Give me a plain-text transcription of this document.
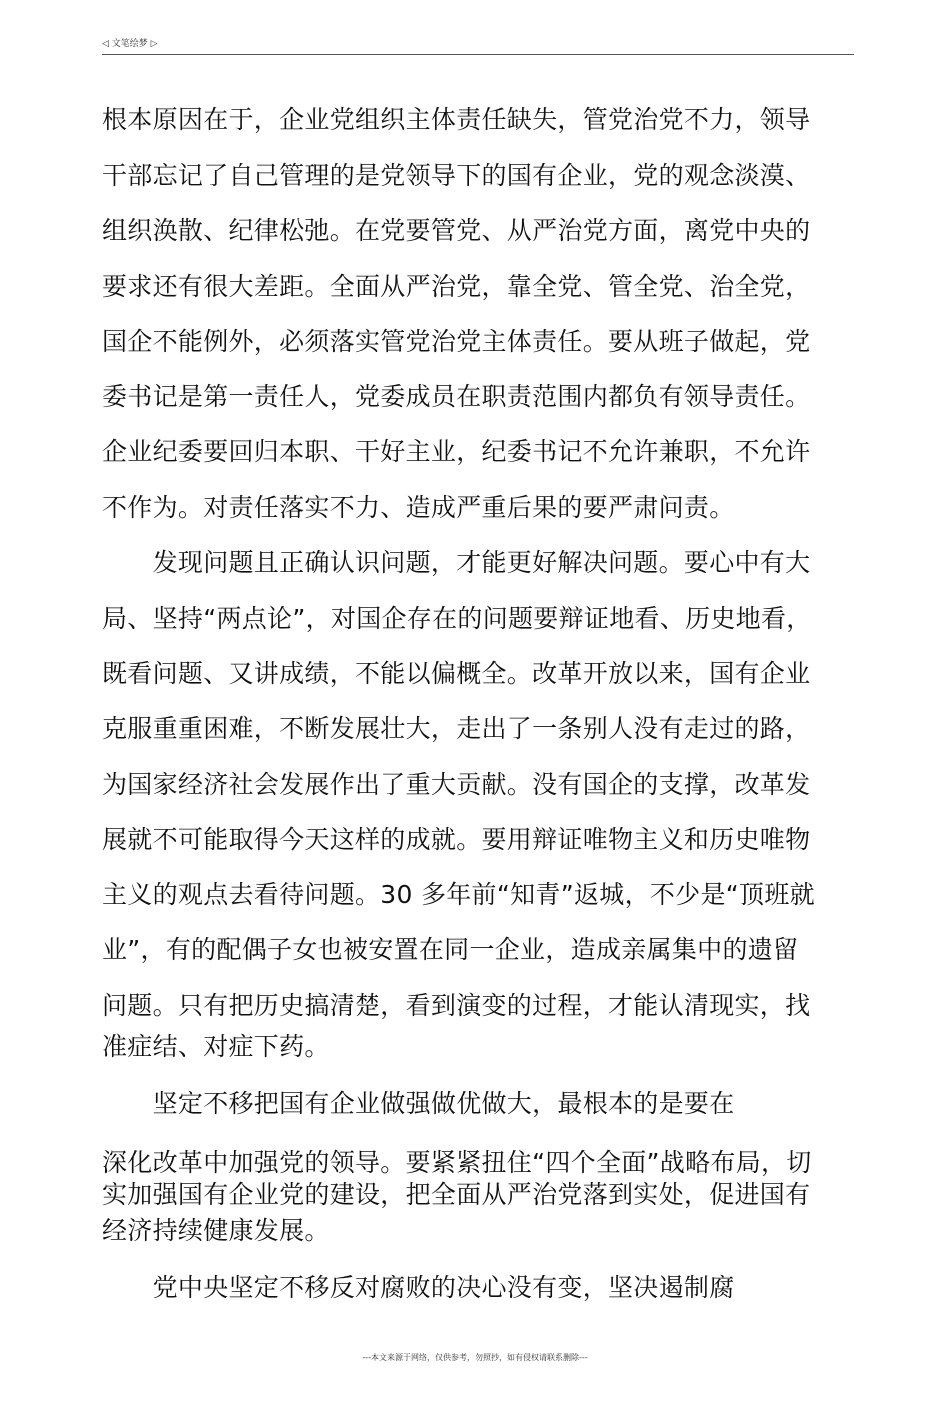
◁ 文笔绘梦 ▷
根本原因在于，企业党组织主体责任缺失，管党治党不力，领导
干部忘记了自己管理的是党领导下的国有企业，党的观念淡漠、
组织涣散、纪律松弛。在党要管党、从严治党方面，离党中央的
要求还有很大差距。全面从严治党，靠全党、管全党、治全党，
国企不能例外，必须落实管党治党主体责任。要从班子做起，党
委书记是第一责任人，党委成员在职责范围内都负有领导责任。
企业纪委要回归本职、干好主业，纪委书记不允许兼职，不允许
不作为。对责任落实不力、造成严重后果的要严肃问责。
　　发现问题且正确认识问题，才能更好解决问题。要心中有大
局、坚持“两点论”，对国企存在的问题要辩证地看、历史地看，
既看问题、又讲成绩，不能以偏概全。改革开放以来，国有企业
克服重重困难，不断发展壮大，走出了一条别人没有走过的路，
为国家经济社会发展作出了重大贡献。没有国企的支撑，改革发
展就不可能取得今天这样的成就。要用辩证唯物主义和历史唯物
主义的观点去看待问题。30 多年前“知青”返城，不少是“顶班就
业”，有的配偶子女也被安置在同一企业，造成亲属集中的遗留
问题。只有把历史搞清楚，看到演变的过程，才能认清现实，找
准症结、对症下药。
　　坚定不移把国有企业做强做优做大，最根本的是要在
深化改革中加强党的领导。要紧紧扭住“四个全面”战略布局，切
实加强国有企业党的建设，把全面从严治党落到实处，促进国有
经济持续健康发展。
　　党中央坚定不移反对腐败的决心没有变，坚决遏制腐
---本文来源于网络，仅供参考，勿照抄，如有侵权请联系删除---
